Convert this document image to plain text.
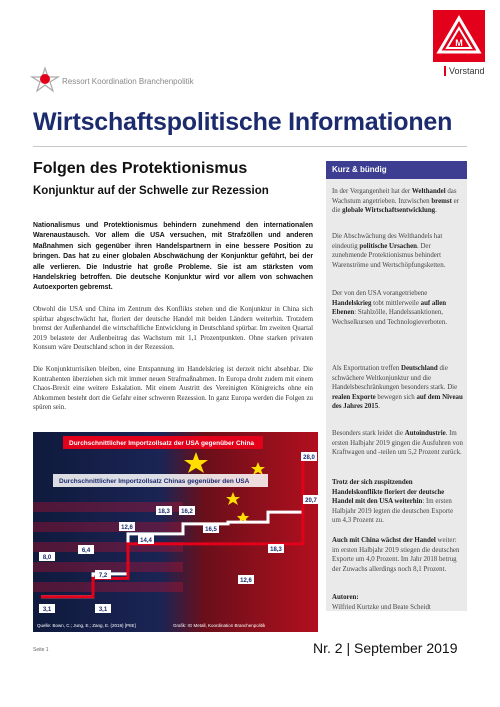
M
Vorstand
Ressort Koordination Branchenpolitik
Wirtschaftspolitische Informationen
Folgen des Protektionismus
Konjunktur auf der Schwelle zur Rezession
Nationalismus und Protektionismus behindern zunehmend den internationalen Warenaustausch. Vor allem die USA versuchen, mit Strafzöllen und anderen Maßnahmen sich gegenüber ihren Handelspartnern in eine bessere Position zu bringen. Das hat zu einer globalen Abschwächung der Konjunktur geführt, bei der alle verlieren. Die Industrie hat große Probleme. Sie ist am stärksten vom Handelskrieg betroffen. Die deutsche Konjunktur wird vor allem von schwachen Autoexporten gebremst.
Obwohl die USA und China im Zentrum des Konflikts stehen und die Konjunktur in China sich spürbar abgeschwächt hat, floriert der deutsche Handel mit beiden Ländern weiterhin. Trotzdem bremst der Außenhandel die wirtschaftliche Entwicklung in Deutschland spürbar. Im zweiten Quartal 2019 belastete der Außenbeitrag das Wachstum mit 1,1 Prozentpunkten. Ohne starken privaten Konsum wäre Deutschland schon in der Rezession.
Die Konjunkturrisiken bleiben, eine Entspannung im Handelskrieg ist derzeit nicht absehbar. Die Kontrahenten überziehen sich mit immer neuen Strafmaßnahmen. In Europa droht zudem mit einem Chaos-Brexit eine weitere Eskalation. Mit einem Austritt des Vereinigten Königreichs ohne ein Abkommen besteht dort die Gefahr einer schweren Rezession. In ganz Europa werden die Folgen zu spüren sein.
Durchschnittlicher Importzollsatz der USA gegenüber China
Durchschnittlicher Importzollsatz Chinas gegenüber den USA
3,1
8,0
6,4
7,2
12,6
14,4
18,3 16,2
16,5
12,6
18,3
20,7
28,0
3,1
Quelle: Bown, C.; Jung, E.; Zang, E. (2019) [PIIE]	Grafik: IG Metall, Koordination Branchenpolitik
Kurz & bündig
In der Vergangenheit hat der Welthandel das Wachstum angetrieben. Inzwischen bremst er die globale Wirtschaftsentwicklung.
Die Abschwächung des Welthandels hat eindeutig politische Ursachen. Der zunehmende Protektionismus behindert Warenströme und Wertschöpfungsketten.
Der von den USA vorangetriebene Handelskrieg tobt mittlerweile auf allen Ebenen: Stahlzölle, Handelssanktionen, Wechselkursen und Technologieverboten.
Als Exportnation treffen Deutschland die schwächere Weltkonjunktur und die Handelsbeschränkungen besonders stark. Die realen Exporte bewegen sich auf dem Niveau des Jahres 2015.
Besonders stark leidet die Autoindustrie. Im ersten Halbjahr 2019 gingen die Ausfuhren von Kraftwagen und -teilen um 5,2 Prozent zurück.
Trotz der sich zuspitzenden Handelskonflikte floriert der deutsche Handel mit den USA weiterhin: Im ersten Halbjahr 2019 legten die deutschen Exporte um 4,3 Prozent zu.
Auch mit China wächst der Handel weiter: im ersten Halbjahr 2019 stiegen die deutschen Exporte um 4,0 Prozent. Im Jahr 2018 betrug der Zuwachs allerdings noch 8,1 Prozent.
Autoren:
Wilfried Kurtzke und Beate Scheidt
Seite 1	Nr. 2 | September 2019
